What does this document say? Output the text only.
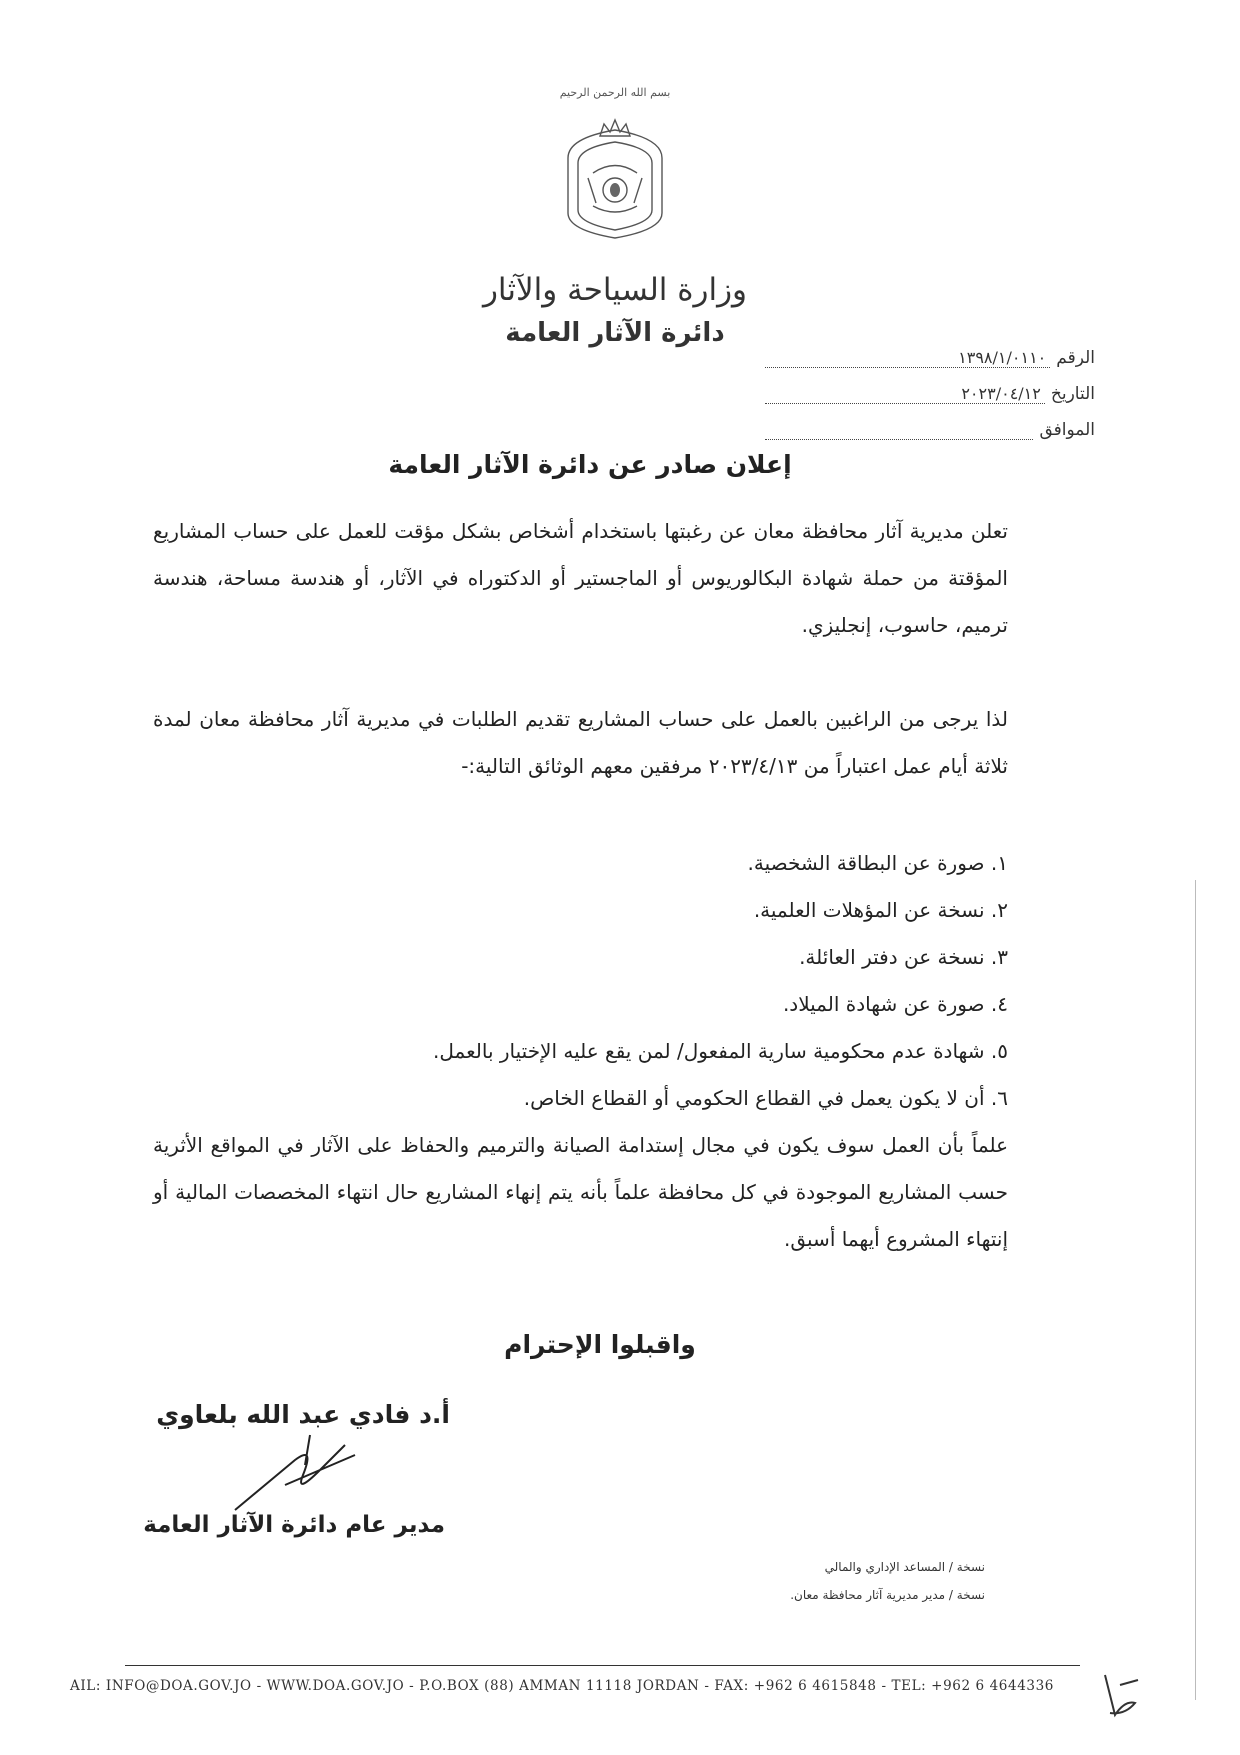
بسم الله الرحمن الرحيم
وزارة السياحة والآثار
دائرة الآثار العامة
الرقم
١٣٩٨/١/٠١١٠
التاريخ
٢٠٢٣/٠٤/١٢
الموافق

إعلان صادر عن دائرة الآثار العامة
تعلن مديرية آثار محافظة معان عن رغبتها باستخدام أشخاص بشكل مؤقت للعمل على حساب المشاريع المؤقتة من حملة شهادة البكالوريوس أو الماجستير أو الدكتوراه في الآثار، أو هندسة مساحة، هندسة ترميم، حاسوب، إنجليزي.
لذا يرجى من الراغبين بالعمل على حساب المشاريع تقديم الطلبات في مديرية آثار محافظة معان لمدة ثلاثة أيام عمل اعتباراً من ٢٠٢٣/٤/١٣ مرفقين معهم الوثائق التالية:-
١. صورة عن البطاقة الشخصية.
٢. نسخة عن المؤهلات العلمية.
٣. نسخة عن دفتر العائلة.
٤. صورة عن شهادة الميلاد.
٥. شهادة عدم محكومية سارية المفعول/ لمن يقع عليه الإختيار بالعمل.
٦. أن لا يكون يعمل في القطاع الحكومي أو القطاع الخاص.
علماً بأن العمل سوف يكون في مجال إستدامة الصيانة والترميم والحفاظ على الآثار في المواقع الأثرية حسب المشاريع الموجودة في كل محافظة علماً بأنه يتم إنهاء المشاريع حال انتهاء المخصصات المالية أو إنتهاء المشروع أيهما أسبق.
واقبلوا الإحترام
أ.د فادي عبد الله بلعاوي
مدير عام دائرة الآثار العامة
نسخة / المساعد الإداري والمالي
نسخة / مدير مديرية آثار محافظة معان.
AIL: INFO@DOA.GOV.JO - WWW.DOA.GOV.JO - P.O.BOX (88) AMMAN 11118 JORDAN - FAX: +962 6 4615848 - TEL: +962 6 4644336
